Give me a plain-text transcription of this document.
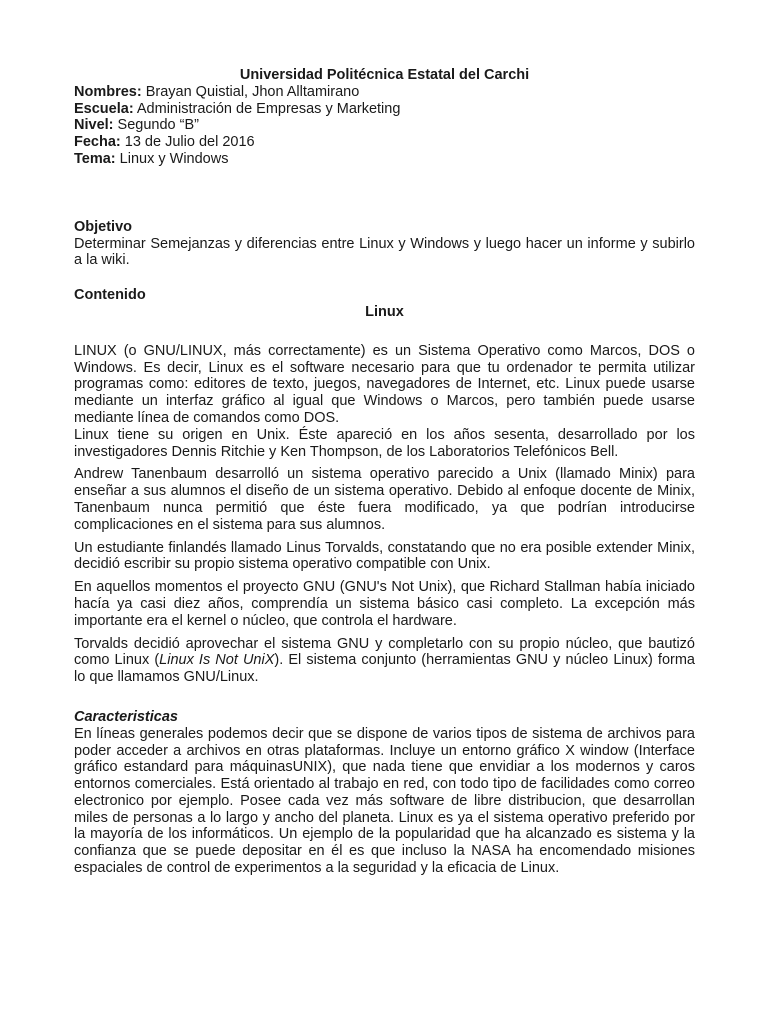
Universidad Politécnica Estatal del Carchi

Nombres: Brayan Quistial, Jhon Alltamirano

Escuela: Administración de Empresas y Marketing

Nivel: Segundo “B”

Fecha: 13 de Julio del 2016

Tema: Linux y Windows

Objetivo

Determinar Semejanzas y diferencias entre Linux y Windows y luego hacer un informe y subirlo a la wiki.

Contenido

Linux

LINUX (o GNU/LINUX, más correctamente) es un Sistema Operativo como Marcos, DOS o Windows. Es decir, Linux es el software necesario para que tu ordenador te permita utilizar programas como: editores de texto, juegos, navegadores de Internet, etc. Linux puede usarse mediante un interfaz gráfico al igual que Windows o Marcos, pero también puede usarse mediante línea de comandos como DOS.

Linux tiene su origen en Unix. Éste apareció en los años sesenta, desarrollado por los investigadores Dennis Ritchie y Ken Thompson, de los Laboratorios Telefónicos Bell.

Andrew Tanenbaum desarrolló un sistema operativo parecido a Unix (llamado Minix) para enseñar a sus alumnos el diseño de un sistema operativo. Debido al enfoque docente de Minix, Tanenbaum nunca permitió que éste fuera modificado, ya que podrían introducirse complicaciones en el sistema para sus alumnos.

Un estudiante finlandés llamado Linus Torvalds, constatando que no era posible extender Minix, decidió escribir su propio sistema operativo compatible con Unix.

En aquellos momentos el proyecto GNU (GNU's Not Unix), que Richard Stallman había iniciado hacía ya casi diez años, comprendía un sistema básico casi completo. La excepción más importante era el kernel o núcleo, que controla el hardware.

Torvalds decidió aprovechar el sistema GNU y completarlo con su propio núcleo, que bautizó como Linux (Linux Is Not UniX). El sistema conjunto (herramientas GNU y núcleo Linux) forma lo que llamamos GNU/Linux.

Caracteristicas

En líneas generales podemos decir que se dispone de varios tipos de sistema de archivos para poder acceder a archivos en otras plataformas. Incluye un entorno gráfico X window (Interface gráfico estandard para máquinasUNIX), que nada tiene que envidiar a los modernos y caros entornos comerciales. Está orientado al trabajo en red, con todo tipo de facilidades como correo electronico por ejemplo. Posee cada vez más software de libre distribucion, que desarrollan miles de personas a lo largo y ancho del planeta. Linux es ya el sistema operativo preferido por la mayoría de los informáticos. Un ejemplo de la popularidad que ha alcanzado es sistema y la confianza que se puede depositar en él es que incluso la NASA ha encomendado misiones espaciales de control de experimentos a la seguridad y la eficacia de Linux.
